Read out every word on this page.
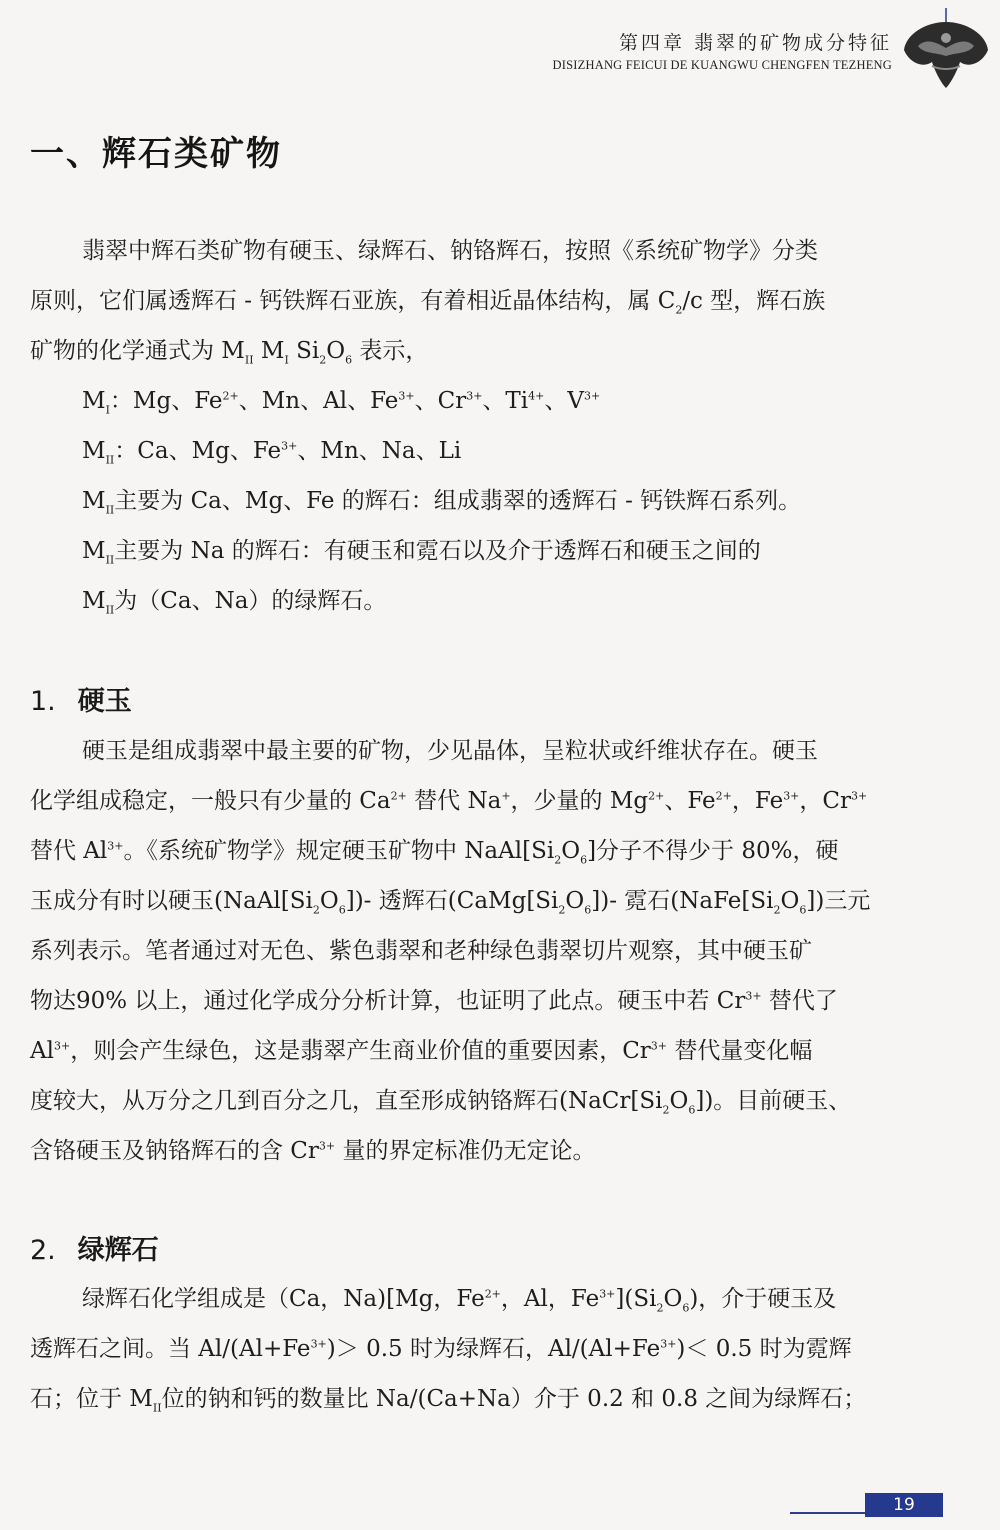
第四章 翡翠的矿物成分特征
DISIZHANG FEICUI DE KUANGWU CHENGFEN TEZHENG
一、辉石类矿物
翡翠中辉石类矿物有硬玉、绿辉石、钠铬辉石，按照《系统矿物学》分类
原则，它们属透辉石 - 钙铁辉石亚族，有着相近晶体结构，属 $C_2/c$ 型，辉石族
矿物的化学通式为 $M_{II}$ $M_I$ $Si_2O_6$ 表示，
$M_I$：Mg、$Fe^{2+}$、Mn、Al、$Fe^{3+}$、$Cr^{3+}$、$Ti^{4+}$、$V^{3+}$
$M_{II}$：Ca、Mg、$Fe^{3+}$、Mn、Na、Li
$M_{II}$主要为 Ca、Mg、Fe 的辉石：组成翡翠的透辉石 - 钙铁辉石系列。
$M_{II}$主要为 Na 的辉石：有硬玉和霓石以及介于透辉石和硬玉之间的
$M_{II}$为（Ca、Na）的绿辉石。
1. 硬玉
硬玉是组成翡翠中最主要的矿物，少见晶体，呈粒状或纤维状存在。硬玉
化学组成稳定，一般只有少量的 $Ca^{2+}$ 替代 Na+，少量的 $Mg^{2+}$、$Fe^{2+}$，$Fe^{3+}$，$Cr^{3+}$
替代 $Al^{3+}$。《系统矿物学》规定硬玉矿物中 $NaAl[Si_2O_6]$分子不得少于 80%，硬
玉成分有时以硬玉$(NaAl[Si_2O_6])-$ 透辉石$(CaMg[Si_2O_6])-$ 霓石$(NaFe[Si_2O_6])$三元
系列表示。笔者通过对无色、紫色翡翠和老种绿色翡翠切片观察，其中硬玉矿
物达90% 以上，通过化学成分分析计算，也证明了此点。硬玉中若 $Cr^{3+}$ 替代了
$Al^{3+}$，则会产生绿色，这是翡翠产生商业价值的重要因素，$Cr^{3+}$ 替代量变化幅
度较大，从万分之几到百分之几，直至形成钠铬辉石$(NaCr[Si_2O_6])$。目前硬玉、
含铬硬玉及钠铬辉石的含 $Cr^{3+}$ 量的界定标准仍无定论。
2. 绿辉石
绿辉石化学组成是（Ca，Na)[Mg，$Fe^{2+}$，Al，$Fe^{3+}](Si_2O_6)$，介于硬玉及
透辉石之间。当 $Al/(Al+Fe^{3+})> 0.5$ 时为绿辉石，$Al/(Al+Fe^{3+})< 0.5$ 时为霓辉
石；位于 $M_{II}$位的钠和钙的数量比 Na/(Ca+Na）介于 0.2 和 0.8 之间为绿辉石；
19
